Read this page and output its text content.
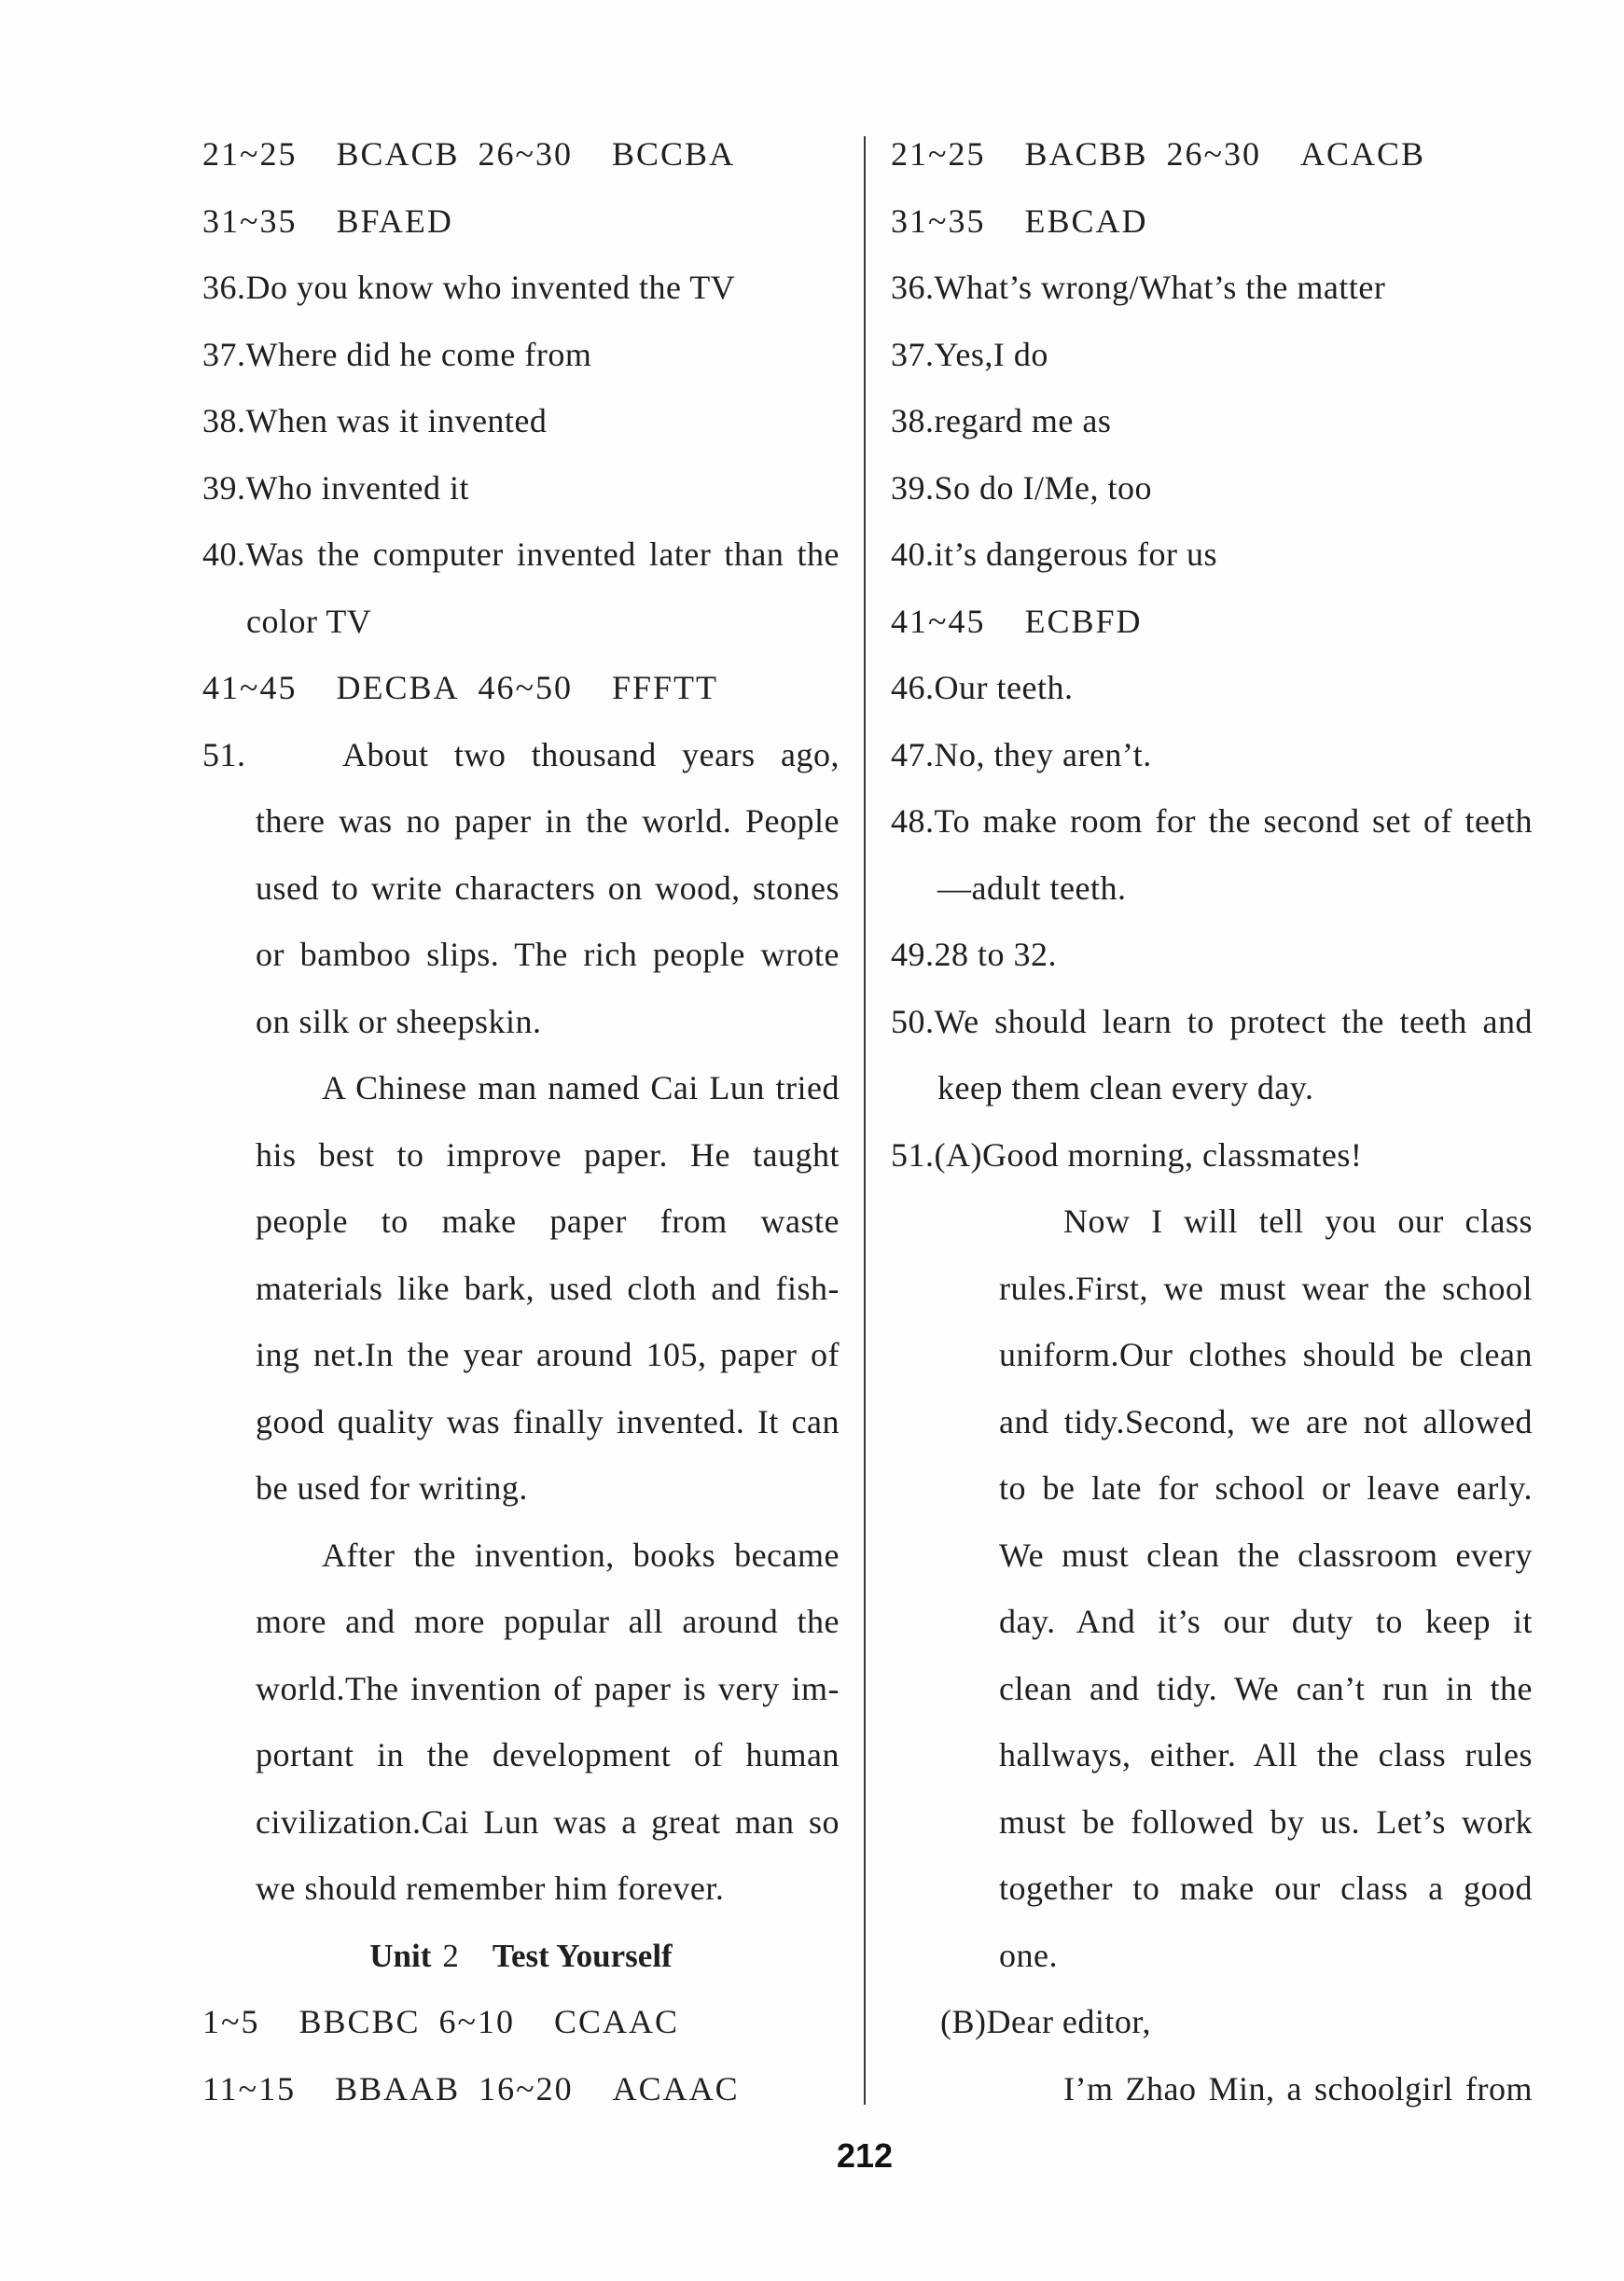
21~25 BCACB 26~30 BCCBA
31~35 BFAED
36.Do you know who invented the TV
37.Where did he come from
38.When was it invented
39.Who invented it
40.Was the computer invented later than the
color TV
41~45 DECBA 46~50 FFFTT
51.	About two thousand years ago,
there was no paper in the world. People
used to write characters on wood, stones
or bamboo slips. The rich people wrote
on silk or sheepskin.
A Chinese man named Cai Lun tried
his best to improve paper. He taught
people to make paper from waste
materials like bark, used cloth and fish-
ing net.In the year around 105, paper of
good quality was finally invented. It can
be used for writing.
After the invention, books became
more and more popular all around the
world.The invention of paper is very im-
portant in the development of human
civilization.Cai Lun was a great man so
we should remember him forever.
Unit 2 Test Yourself
1~5 BBCBC 6~10 CCAAC
11~15 BBAAB 16~20 ACAAC
21~25 BACBB 26~30 ACACB
31~35 EBCAD
36.What’s wrong/What’s the matter
37.Yes,I do
38.regard me as
39.So do I/Me, too
40.it’s dangerous for us
41~45 ECBFD
46.Our teeth.
47.No, they aren’t.
48.To make room for the second set of teeth
—adult teeth.
49.28 to 32.
50.We should learn to protect the teeth and
keep them clean every day.
51.(A)Good morning, classmates!
Now I will tell you our class
rules.First, we must wear the school
uniform.Our clothes should be clean
and tidy.Second, we are not allowed
to be late for school or leave early.
We must clean the classroom every
day. And it’s our duty to keep it
clean and tidy. We can’t run in the
hallways, either. All the class rules
must be followed by us. Let’s work
together to make our class a good
one.
(B)Dear editor,
I’m Zhao Min, a schoolgirl from
212
